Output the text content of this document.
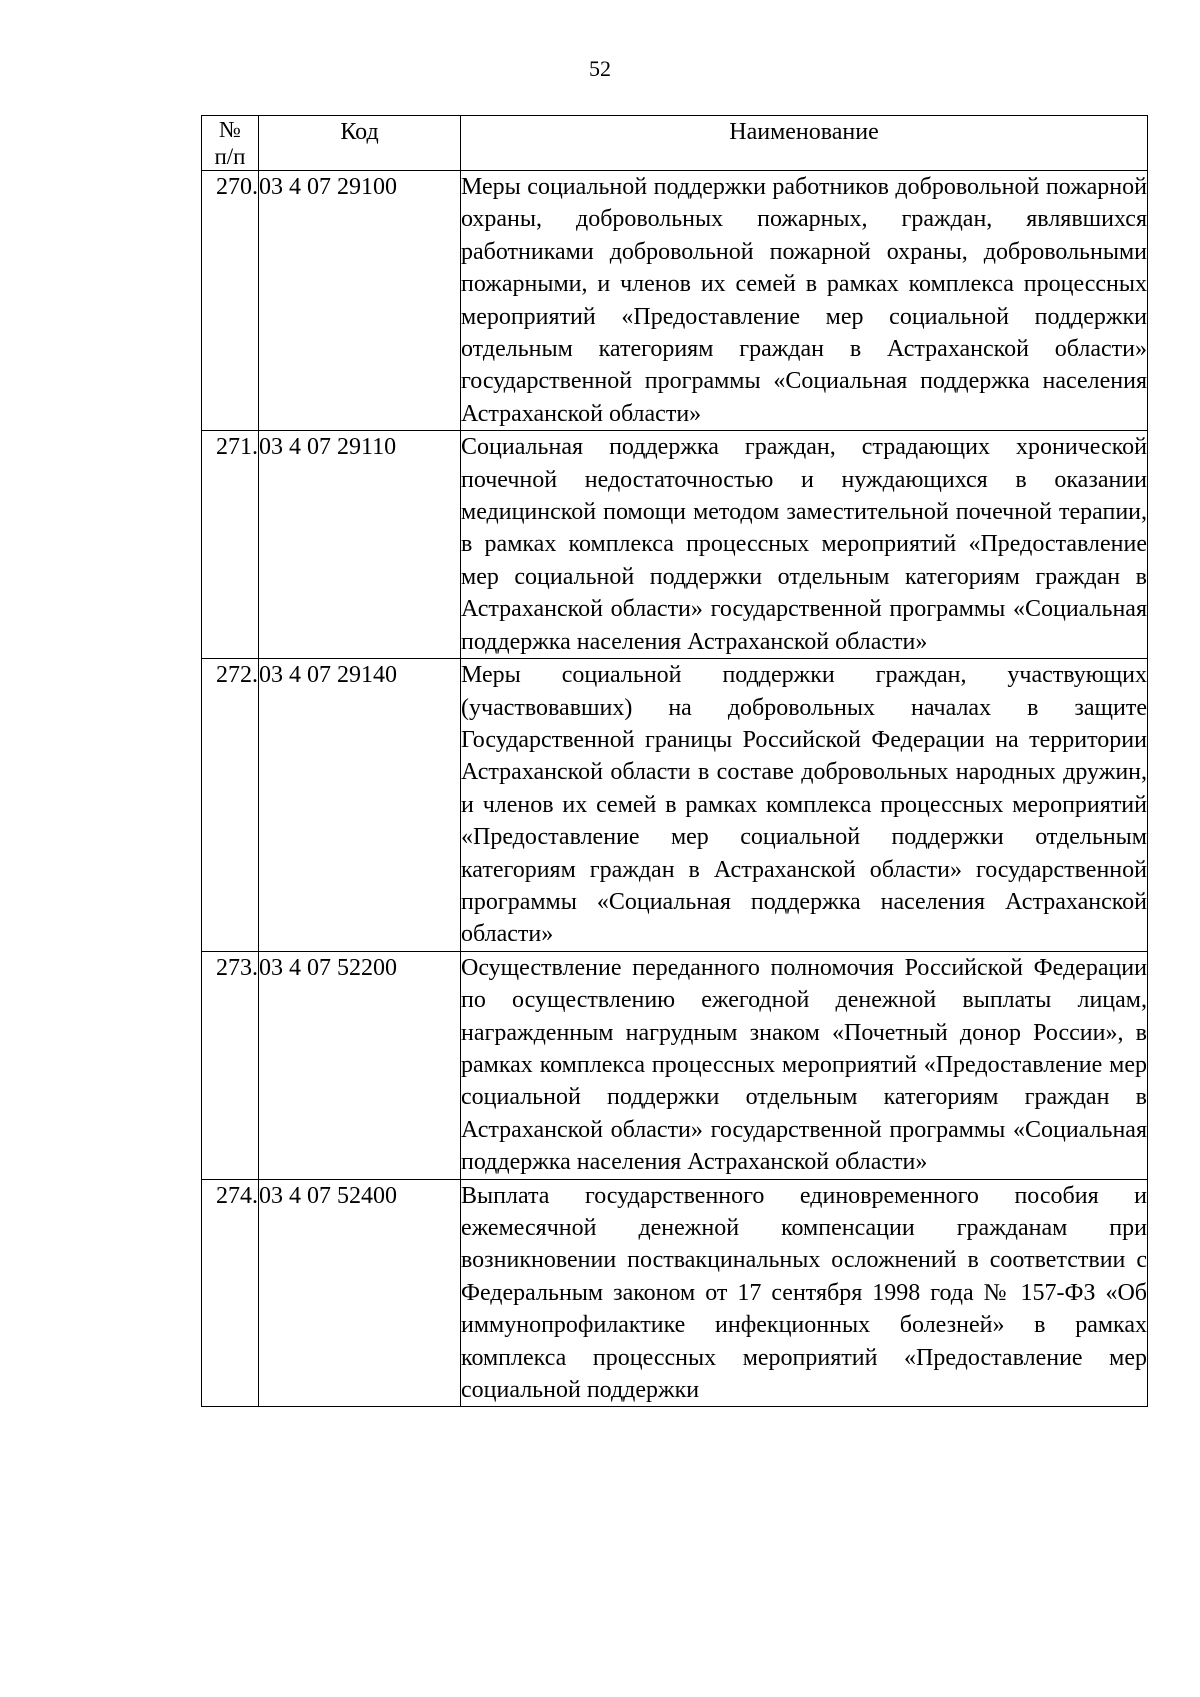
52
№
п/п	Код	Наименование
270.	03 4 07 29100	Меры социальной поддержки работников добровольной пожарной охраны, добровольных пожарных, граждан, являвшихся работниками добровольной пожарной охраны, добровольными пожарными, и членов их семей в рамках комплекса процессных мероприятий «Предоставление мер социальной поддержки отдельным категориям граждан в Астраханской области» государственной программы «Социальная поддержка населения Астраханской области»
271.	03 4 07 29110	Социальная поддержка граждан, страдающих хронической почечной недостаточностью и нуждающихся в оказании медицинской помощи методом заместительной почечной терапии, в рамках комплекса процессных мероприятий «Предоставление мер социальной поддержки отдельным категориям граждан в Астраханской области» государственной программы «Социальная поддержка населения Астраханской области»
272.	03 4 07 29140	Меры социальной поддержки граждан, участвующих (участвовавших) на добровольных началах в защите Государственной границы Российской Федерации на территории Астраханской области в составе добровольных народных дружин, и членов их семей в рамках комплекса процессных мероприятий «Предоставление мер социальной поддержки отдельным категориям граждан в Астраханской области» государственной программы «Социальная поддержка населения Астраханской области»
273.	03 4 07 52200	Осуществление переданного полномочия Российской Федерации по осуществлению ежегодной денежной выплаты лицам, награжденным нагрудным знаком «Почетный донор России», в рамках комплекса процессных мероприятий «Предоставление мер социальной поддержки отдельным категориям граждан в Астраханской области» государственной программы «Социальная поддержка населения Астраханской области»
274.	03 4 07 52400	Выплата государственного единовременного пособия и ежемесячной денежной компенсации гражданам при возникновении поствакцинальных осложнений в соответствии с Федеральным законом от 17 сентября 1998 года № 157-ФЗ «Об иммунопрофилактике инфекционных болезней» в рамках комплекса процессных мероприятий «Предоставление мер социальной поддержки
